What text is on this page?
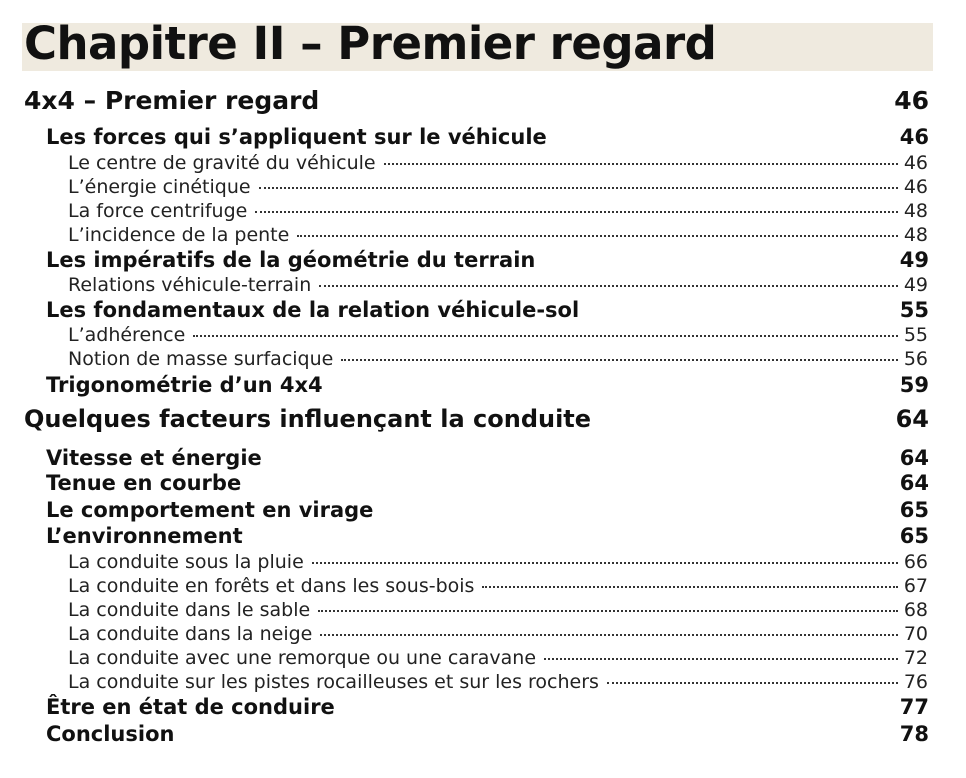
Chapitre II – Premier regard
4x4 – Premier regard	46
Les forces qui s’appliquent sur le véhicule	46
Le centre de gravité du véhicule	46
L’énergie cinétique	46
La force centrifuge	48
L’incidence de la pente	48
Les impératifs de la géométrie du terrain	49
Relations véhicule-terrain	49
Les fondamentaux de la relation véhicule-sol	55
L’adhérence	55
Notion de masse surfacique	56
Trigonométrie d’un 4x4	59
Quelques facteurs influençant la conduite	64
Vitesse et énergie	64
Tenue en courbe	64
Le comportement en virage	65
L’environnement	65
La conduite sous la pluie	66
La conduite en forêts et dans les sous-bois	67
La conduite dans le sable	68
La conduite dans la neige	70
La conduite avec une remorque ou une caravane	72
La conduite sur les pistes rocailleuses et sur les rochers	76
Être en état de conduire	77
Conclusion	78
